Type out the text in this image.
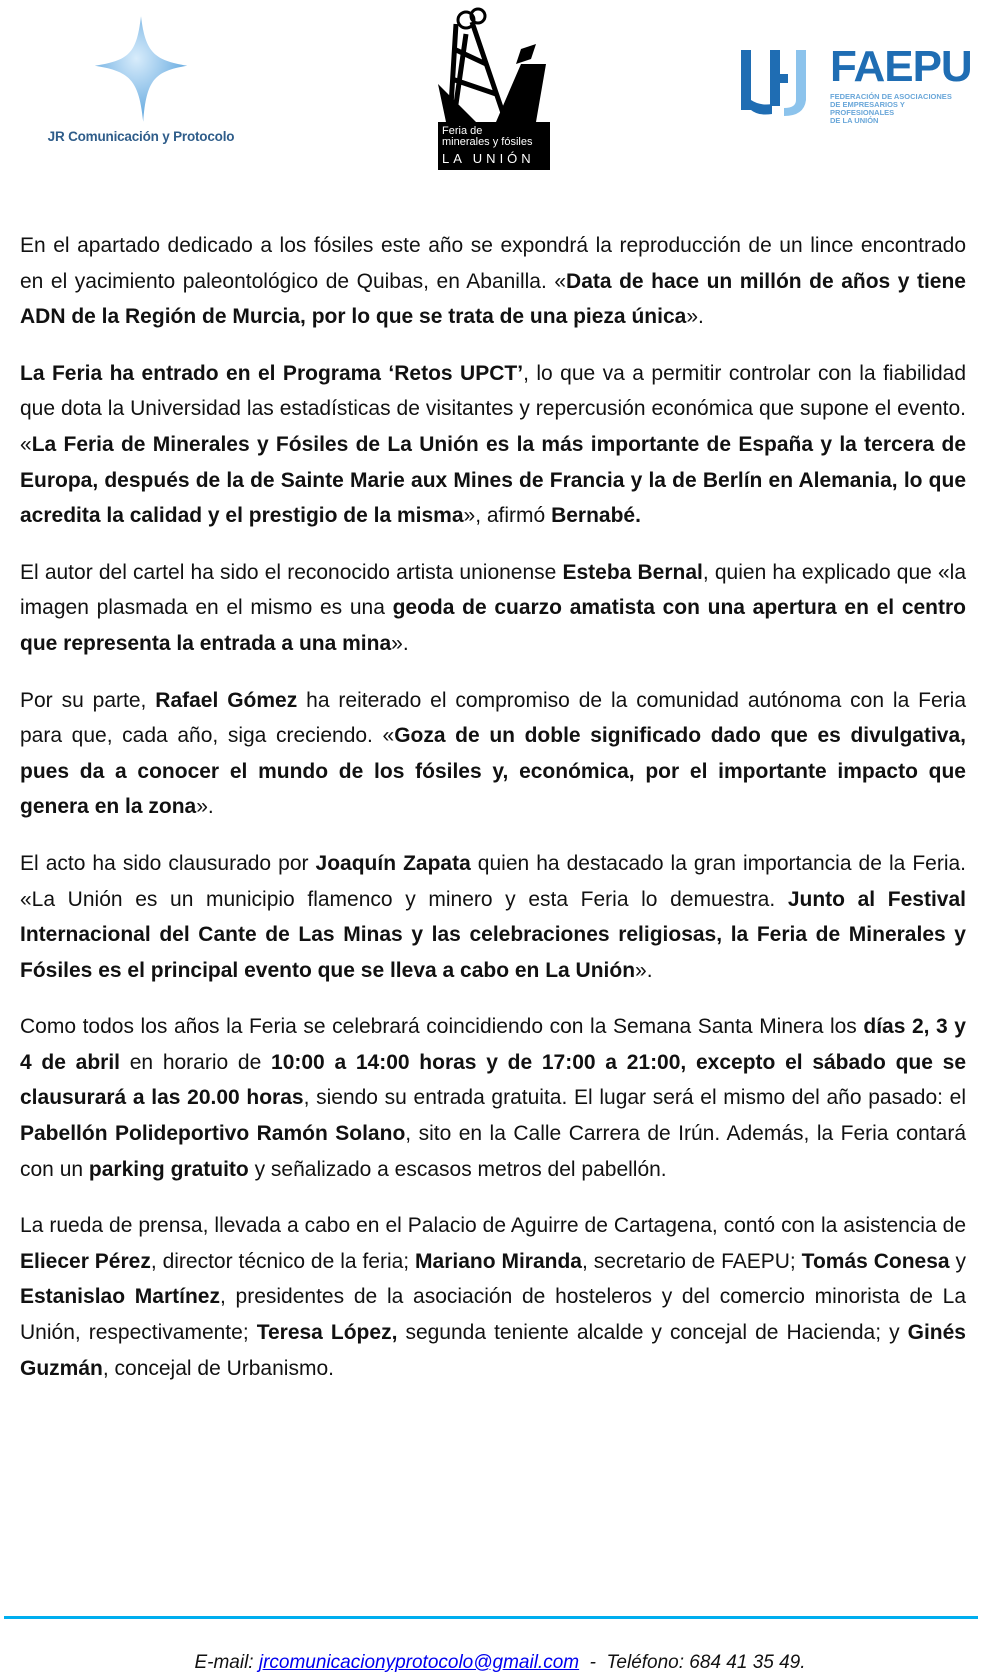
JR Comunicación y Protocolo	Feria de
minerales y fósiles
LA UNIÓN
FAEPU
FEDERACIÓN DE ASOCIACIONES
DE EMPRESARIOS Y PROFESIONALES
DE LA UNIÓN

En el apartado dedicado a los fósiles este año se expondrá la reproducción de un lince encontrado en el yacimiento paleontológico de Quibas, en Abanilla. «Data de hace un millón de años y tiene ADN de la Región de Murcia, por lo que se trata de una pieza única».

La Feria ha entrado en el Programa ‘Retos UPCT’, lo que va a permitir controlar con la fiabilidad que dota la Universidad las estadísticas de visitantes y repercusión económica que supone el evento. «La Feria de Minerales y Fósiles de La Unión es la más importante de España y la tercera de Europa, después de la de Sainte Marie aux Mines de Francia y la de Berlín en Alemania, lo que acredita la calidad y el prestigio de la misma», afirmó Bernabé.

El autor del cartel ha sido el reconocido artista unionense Esteba Bernal, quien ha explicado que «la imagen plasmada en el mismo es una geoda de cuarzo amatista con una apertura en el centro que representa la entrada a una mina».

Por su parte, Rafael Gómez ha reiterado el compromiso de la comunidad autónoma con la Feria para que, cada año, siga creciendo. «Goza de un doble significado dado que es divulgativa, pues da a conocer el mundo de los fósiles y, económica, por el importante impacto que genera en la zona».

El acto ha sido clausurado por Joaquín Zapata quien ha destacado la gran importancia de la Feria. «La Unión es un municipio flamenco y minero y esta Feria lo demuestra. Junto al Festival Internacional del Cante de Las Minas y las celebraciones religiosas, la Feria de Minerales y Fósiles es el principal evento que se lleva a cabo en La Unión».

Como todos los años la Feria se celebrará coincidiendo con la Semana Santa Minera los días 2, 3 y 4 de abril en horario de 10:00 a 14:00 horas y de 17:00 a 21:00, excepto el sábado que se clausurará a las 20.00 horas, siendo su entrada gratuita. El lugar será el mismo del año pasado: el Pabellón Polideportivo Ramón Solano, sito en la Calle Carrera de Irún. Además, la Feria contará con un parking gratuito y señalizado a escasos metros del pabellón.

La rueda de prensa, llevada a cabo en el Palacio de Aguirre de Cartagena, contó con la asistencia de Eliecer Pérez, director técnico de la feria; Mariano Miranda, secretario de FAEPU; Tomás Conesa y Estanislao Martínez, presidentes de la asociación de hosteleros y del comercio minorista de La Unión, respectivamente; Teresa López, segunda teniente alcalde y concejal de Hacienda; y Ginés Guzmán, concejal de Urbanismo.

E-mail: jrcomunicacionyprotocolo@gmail.com  -  Teléfono: 684 41 35 49.
